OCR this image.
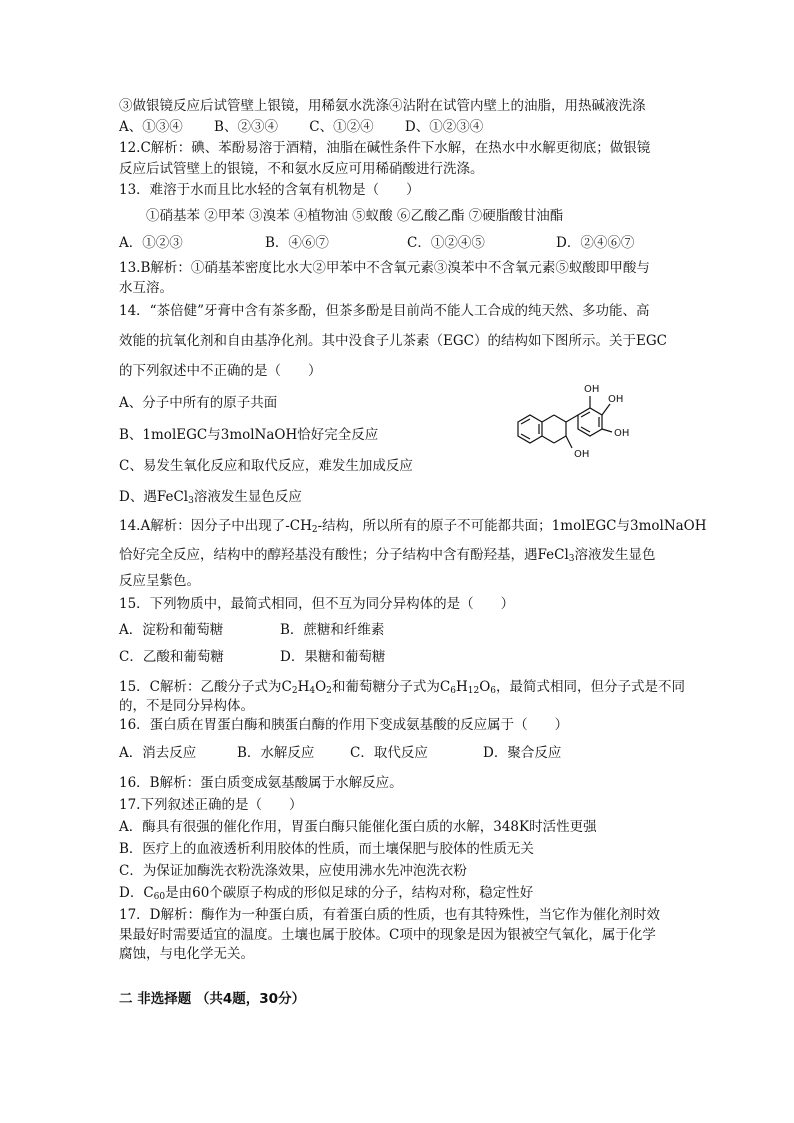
③做银镜反应后试管壁上银镜，用稀氨水洗涤④沾附在试管内壁上的油脂，用热碱液洗涤
A、①③④　　 B、②③④　　 C、①②④　　 D、①②③④
12.C解析：碘、苯酚易溶于酒精，油脂在碱性条件下水解，在热水中水解更彻底；做银镜
反应后试管壁上的银镜，不和氨水反应可用稀硝酸进行洗涤。
13．难溶于水而且比水轻的含氧有机物是（　　）
①硝基苯 ②甲苯 ③溴苯 ④植物油 ⑤蚁酸 ⑥乙酸乙酯 ⑦硬脂酸甘油酯
A．①②③	B．④⑥⑦	C．①②④⑤	D．②④⑥⑦
13.B解析：①硝基苯密度比水大②甲苯中不含氧元素③溴苯中不含氧元素⑤蚁酸即甲酸与
水互溶。
14．“茶倍健”牙膏中含有茶多酚，但茶多酚是目前尚不能人工合成的纯天然、多功能、高
效能的抗氧化剂和自由基净化剂。其中没食子儿茶素（EGC）的结构如下图所示。关于EGC
的下列叙述中不正确的是（　　）
A、分子中所有的原子共面
B、1molEGC与3molNaOH恰好完全反应
C、易发生氧化反应和取代反应，难发生加成反应
D、遇FeCl$_3$溶液发生显色反应
OH
OH
OH
OH
14.A解析：因分子中出现了$-CH_2-$结构，所以所有的原子不可能都共面；1molEGC与3molNaOH
恰好完全反应，结构中的醇羟基没有酸性；分子结构中含有酚羟基，遇FeCl$_3$溶液发生显色
反应呈紫色。
15．下列物质中，最简式相同，但不互为同分异构体的是（　　）
A．淀粉和葡萄糖	B．蔗糖和纤维素
C．乙酸和葡萄糖	D．果糖和葡萄糖
15．C解析：乙酸分子式为$C_2H_4O_2$和葡萄糖分子式为$C_6H_{12}O_6$，最简式相同，但分子式是不同
的，不是同分异构体。
16．蛋白质在胃蛋白酶和胰蛋白酶的作用下变成氨基酸的反应属于（　　）
A．消去反应	B．水解反应	C．取代反应	D．聚合反应
16．B解析：蛋白质变成氨基酸属于水解反应。
17.下列叙述正确的是（　　）
A．酶具有很强的催化作用，胃蛋白酶只能催化蛋白质的水解，348K时活性更强
B．医疗上的血液透析利用胶体的性质，而土壤保肥与胶体的性质无关
C．为保证加酶洗衣粉洗涤效果，应使用沸水先冲泡洗衣粉
D．$C_{60}$是由60个碳原子构成的形似足球的分子，结构对称，稳定性好
17．D解析：酶作为一种蛋白质，有着蛋白质的性质，也有其特殊性，当它作为催化剂时效
果最好时需要适宜的温度。土壤也属于胶体。C项中的现象是因为银被空气氧化，属于化学
腐蚀，与电化学无关。
二 非选择题 （共4题，30分）
